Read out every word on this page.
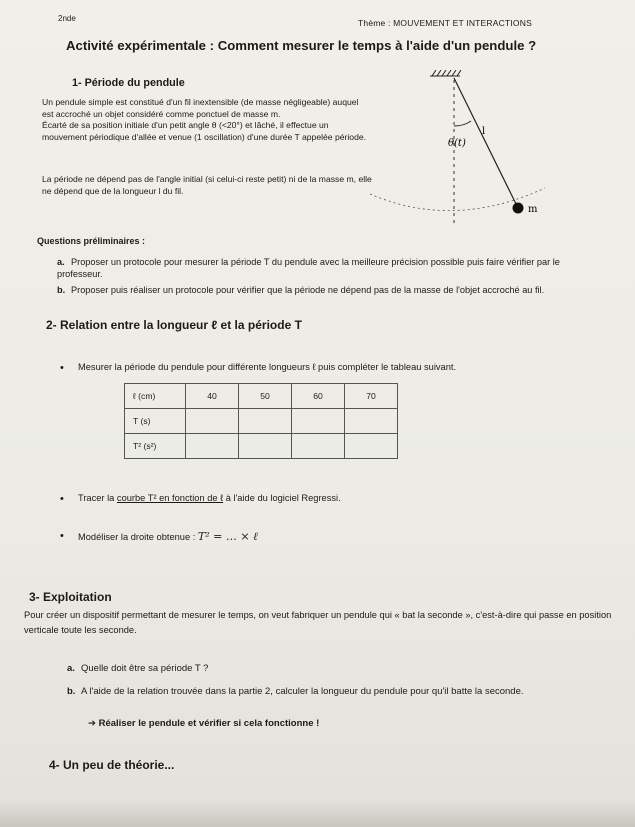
2nde	Thème : MOUVEMENT ET INTERACTIONS
Activité expérimentale : Comment mesurer le temps à l'aide d'un pendule ?
1- Période du pendule
Un pendule simple est constitué d'un fil inextensible (de masse négligeable) auquel est accroché un objet considéré comme ponctuel de masse m.
Écarté de sa position initiale d'un petit angle θ (<20°) et lâché, il effectue un mouvement périodique d'allée et venue (1 oscillation) d'une durée T appelée période.
La période ne dépend pas de l'angle initial (si celui-ci reste petit) ni de la masse m, elle ne dépend que de la longueur l du fil.
θ(t)
l
m
Questions préliminaires :
a. Proposer un protocole pour mesurer la période T du pendule avec la meilleure précision possible puis faire vérifier par le professeur.
b. Proposer puis réaliser un protocole pour vérifier que la période ne dépend pas de la masse de l'objet accroché au fil.
2- Relation entre la longueur ℓ et la période T
• Mesurer la période du pendule pour différente longueurs ℓ puis compléter le tableau suivant.
ℓ (cm)	40	50	60	70
T (s)				
T² (s²)				
• Tracer la courbe T² en fonction de ℓ à l'aide du logiciel Regressi.
• Modéliser la droite obtenue : T² = … × ℓ
3- Exploitation
Pour créer un dispositif permettant de mesurer le temps, on veut fabriquer un pendule qui « bat la seconde », c'est-à-dire qui passe en position verticale toute les seconde.
a. Quelle doit être sa période T ?
b. A l'aide de la relation trouvée dans la partie 2, calculer la longueur du pendule pour qu'il batte la seconde.
➔ Réaliser le pendule et vérifier si cela fonctionne !
4- Un peu de théorie...
